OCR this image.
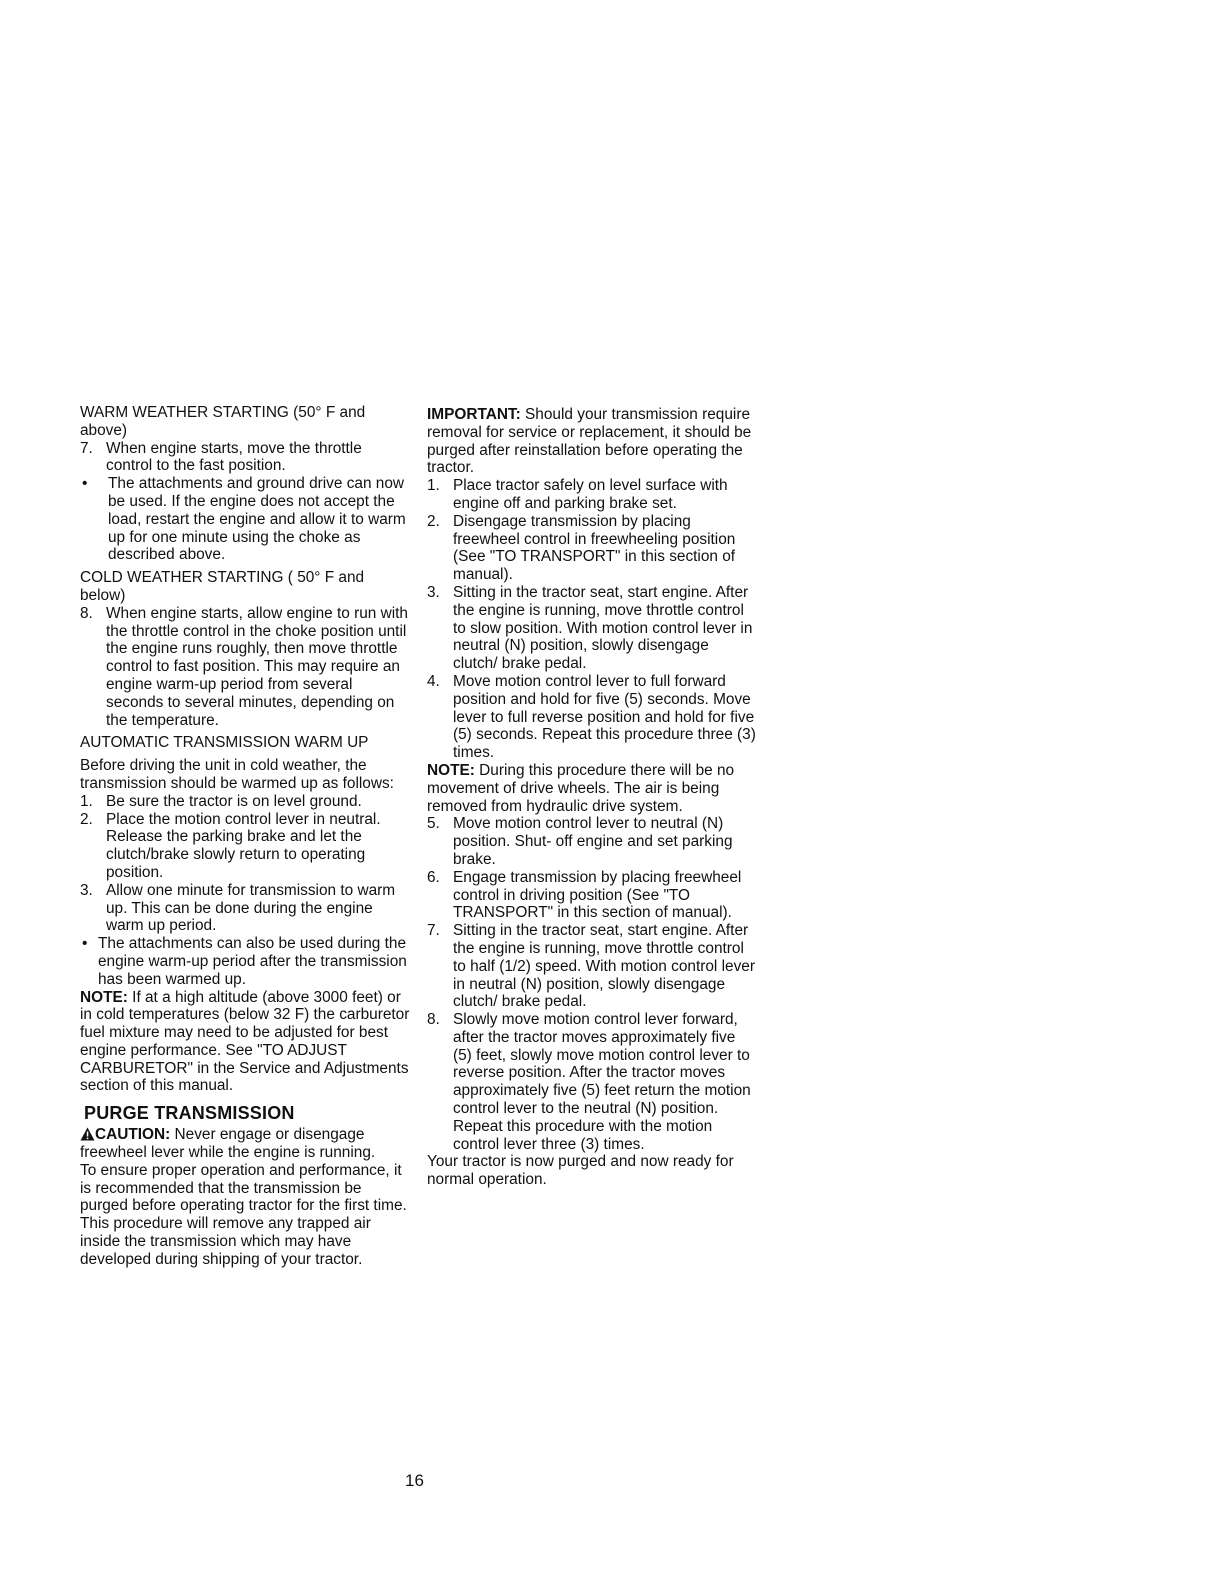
WARM WEATHER STARTING (50° F and above)

7. When engine starts, move the throttle control to the fast position.
•	The attachments and ground drive can now be used. If the engine does not accept the load, restart the engine and allow it to warm up for one minute using the choke as described above.

COLD WEATHER STARTING ( 50° F and below)

8. When engine starts, allow engine to run with the throttle control in the choke position until the engine runs roughly, then move throttle control to fast position. This may require an engine warm-up period from several seconds to several minutes, depending on the temperature.

AUTOMATIC TRANSMISSION WARM UP

Before driving the unit in cold weather, the transmission should be warmed up as follows:

1. Be sure the tractor is on level ground.
2. Place the motion control lever in neutral. Release the parking brake and let the clutch/brake slowly return to operating position.
3. Allow one minute for transmission to warm up. This can be done during the engine warm up period.
• The attachments can also be used during the engine warm-up period after the transmission has been warmed up.

NOTE: If at a high altitude (above 3000 feet) or in cold temperatures (below 32 F) the carburetor fuel mixture may need to be adjusted for best engine performance. See "TO ADJUST CARBURETOR" in the Service and Adjustments section of this manual.

PURGE TRANSMISSION

CAUTION: Never engage or disengage freewheel lever while the engine is running.

To ensure proper operation and performance, it is recommended that the transmission be purged before operating tractor for the first time. This procedure will remove any trapped air inside the transmission which may have developed during shipping of your tractor.

IMPORTANT: Should your transmission require removal for service or replacement, it should be purged after reinstallation before operating the tractor.

1. Place tractor safely on level surface with engine off and parking brake set.
2. Disengage transmission by placing freewheel control in freewheeling position (See "TO TRANSPORT" in this section of manual).
3. Sitting in the tractor seat, start engine. After the engine is running, move throttle control to slow position. With motion control lever in neutral (N) position, slowly disengage clutch/ brake pedal.
4. Move motion control lever to full forward position and hold for five (5) seconds. Move lever to full reverse position and hold for five (5) seconds. Repeat this procedure three (3) times.

NOTE: During this procedure there will be no movement of drive wheels. The air is being removed from hydraulic drive system.

5. Move motion control lever to neutral (N) position. Shut- off engine and set parking brake.
6. Engage transmission by placing freewheel control in driving position (See "TO TRANSPORT" in this section of manual).
7. Sitting in the tractor seat, start engine. After the engine is running, move throttle control to half (1/2) speed. With motion control lever in neutral (N) position, slowly disengage clutch/ brake pedal.
8. Slowly move motion control lever forward, after the tractor moves approximately five (5) feet, slowly move motion control lever to reverse position. After the tractor moves approximately five (5) feet return the motion control lever to the neutral (N) position. Repeat this procedure with the motion control lever three (3) times.

Your tractor is now purged and now ready for normal operation.

16
